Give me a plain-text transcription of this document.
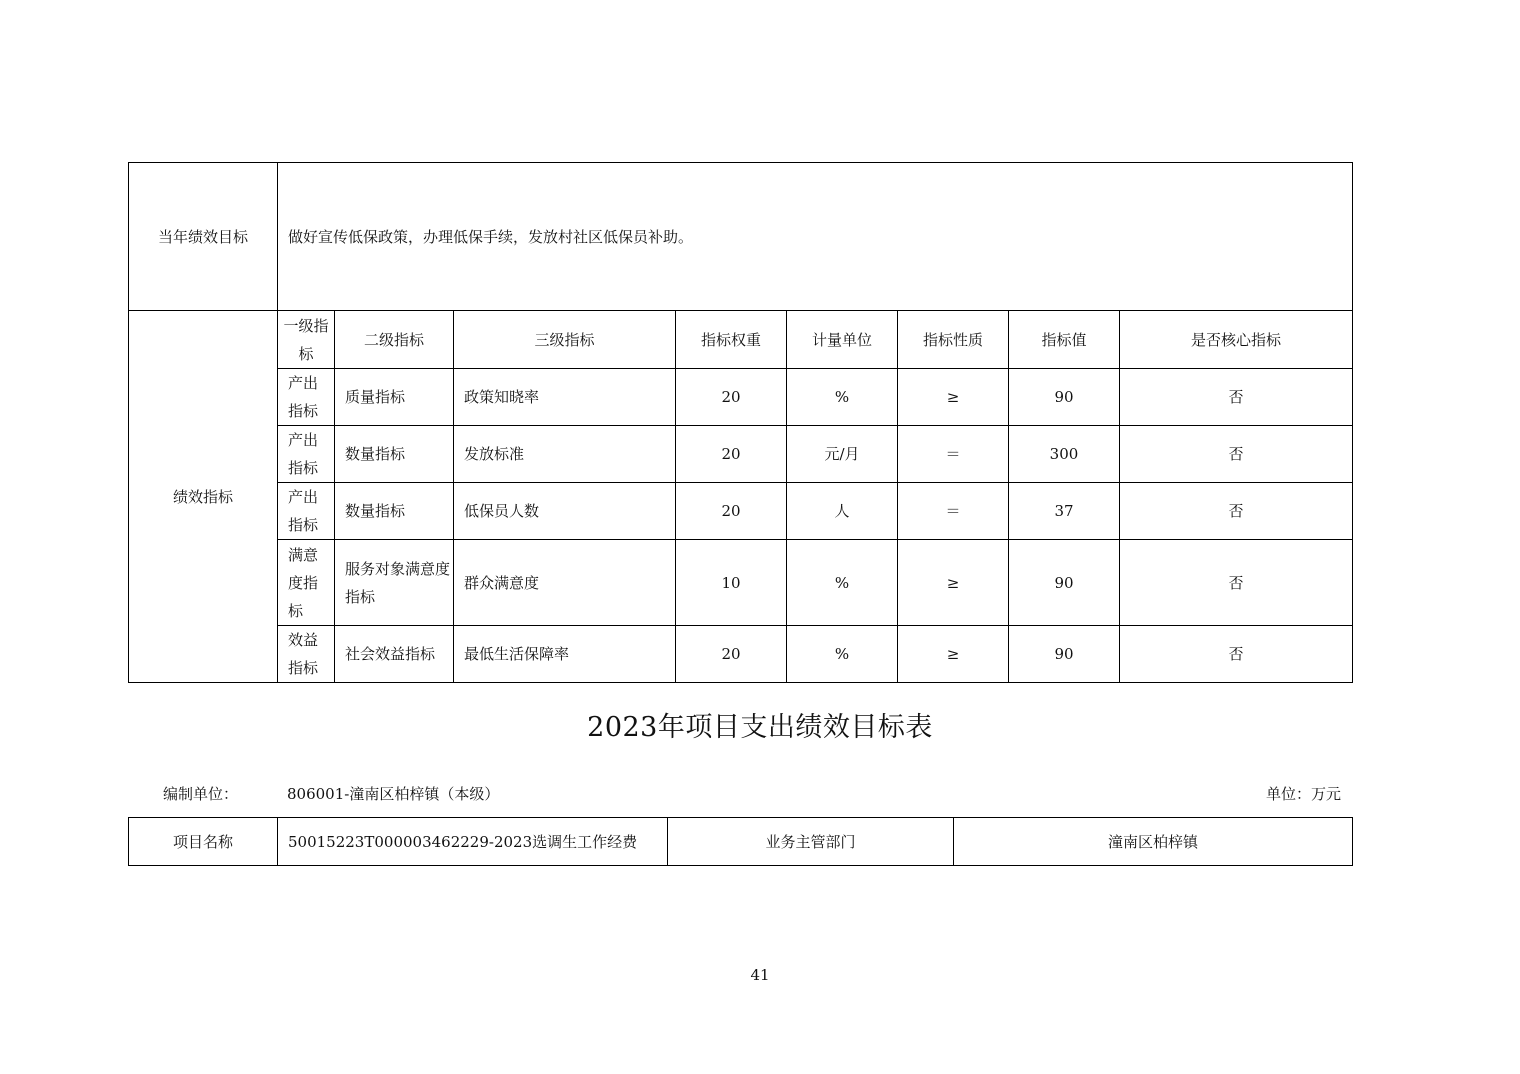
当年绩效目标	做好宣传低保政策，办理低保手续，发放村社区低保员补助。							
绩效指标	一级指标	二级指标	三级指标	指标权重	计量单位	指标性质	指标值	是否核心指标
	产出指标	质量指标	政策知晓率	20	%	≥	90	否
	产出指标	数量指标	发放标准	20	元/月	＝	300	否
	产出指标	数量指标	低保员人数	20	人	＝	37	否
	满意度指标	服务对象满意度指标	群众满意度	10	%	≥	90	否
	效益指标	社会效益指标	最低生活保障率	20	%	≥	90	否
2023年项目支出绩效目标表
编制单位：	806001-潼南区柏梓镇（本级）	单位：万元
项目名称	50015223T000003462229-2023选调生工作经费	业务主管部门	潼南区柏梓镇
41
